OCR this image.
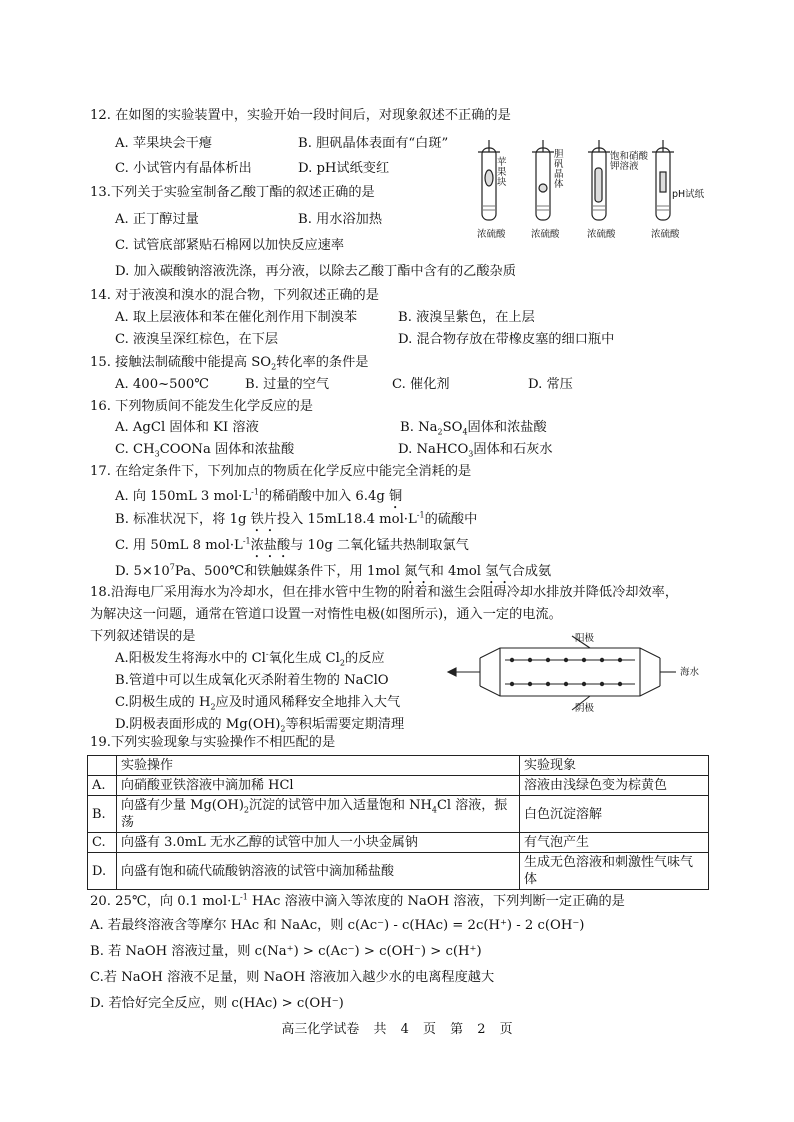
12. 在如图的实验装置中，实验开始一段时间后，对现象叙述不正确的是
A. 苹果块会干瘪	B. 胆矾晶体表面有“白斑”
C. 小试管内有晶体析出	D. pH试纸变红	苹果块
胆矾晶体
饱和硝酸钾溶液
pH试纸
浓硫酸	浓硫酸	浓硫酸	浓硫酸
13.下列关于实验室制备乙酸丁酯的叙述正确的是
A. 正丁醇过量	B. 用水浴加热
C. 试管底部紧贴石棉网以加快反应速率
D. 加入碳酸钠溶液洗涤，再分液，以除去乙酸丁酯中含有的乙酸杂质
14. 对于液溴和溴水的混合物，下列叙述正确的是
A. 取上层液体和苯在催化剂作用下制溴苯	B. 液溴呈紫色，在上层
C. 液溴呈深红棕色，在下层	D. 混合物存放在带橡皮塞的细口瓶中
15. 接触法制硫酸中能提高 $SO_2$转化率的条件是
A. 400~500℃	B. 过量的空气	C. 催化剂	D. 常压
16. 下列物质间不能发生化学反应的是
A. AgCl 固体和 KI 溶液	B. $Na_2SO_4$固体和浓盐酸
C. $CH_3COONa$ 固体和浓盐酸	D. NaHCO$_3$固体和石灰水
17. 在给定条件下，下列加点的物质在化学反应中能完全消耗的是
A. 向 150mL 3 $mol\cdot L^{-1}$的稀硝酸中加入 6.4g 铜
B. 标准状况下，将 1g 铁片投入 15mL18.4 $mol\cdot L^{-1}$的硫酸中
C. 用 50mL 8 $mol\cdot L^{-1}$浓盐酸与 10g 二氧化锰共热制取氯气
D. $5\times 10^7Pa$、500℃和铁触媒条件下，用 1mol 氮气和 4mol 氢气合成氨
18.沿海电厂采用海水为冷却水，但在排水管中生物的附着和滋生会阻碍冷却水排放并降低冷却效率，
为解决这一问题，通常在管道口设置一对惰性电极(如图所示)，通入一定的电流。
下列叙述错误的是
A.阳极发生将海水中的 Cl-氧化生成 $Cl_2$的反应
B.管道中可以生成氧化灭杀附着生物的 NaClO
C.阴极生成的 $H_2$应及时通风稀释安全地排入大气
D.阴极表面形成的 $Mg(OH)_2$等积垢需要定期清理
阳极
阴极
海水
19.下列实验现象与实验操作不相匹配的是
	实验操作	实验现象
A.	向硝酸亚铁溶液中滴加稀 HCl	溶液由浅绿色变为棕黄色
B.	向盛有少量 $Mg(OH)_2$沉淀的试管中加入适量饱和 $NH_4Cl$ 溶液，振荡	白色沉淀溶解
C.	向盛有 3.0mL 无水乙醇的试管中加人一小块金属钠	有气泡产生
D.	向盛有饱和硫代硫酸钠溶液的试管中滴加稀盐酸	生成无色溶液和刺激性气味气体
20. 25℃，向 0.1 $mol\cdot L^{-1}$ HAc 溶液中滴入等浓度的 NaOH 溶液，下列判断一定正确的是
A. 若最终溶液含等摩尔 HAc 和 NaAc，则 c(Ac⁻) - c(HAc) = 2c(H⁺) - 2 c(OH⁻)
B. 若 NaOH 溶液过量，则 c(Na⁺) > c(Ac⁻) > c(OH⁻) > c(H⁺)
C.若 NaOH 溶液不足量，则 NaOH 溶液加入越少水的电离程度越大
D. 若恰好完全反应，则 c(HAc) > c(OH⁻)
高三化学试卷 共 4 页 第 2 页
